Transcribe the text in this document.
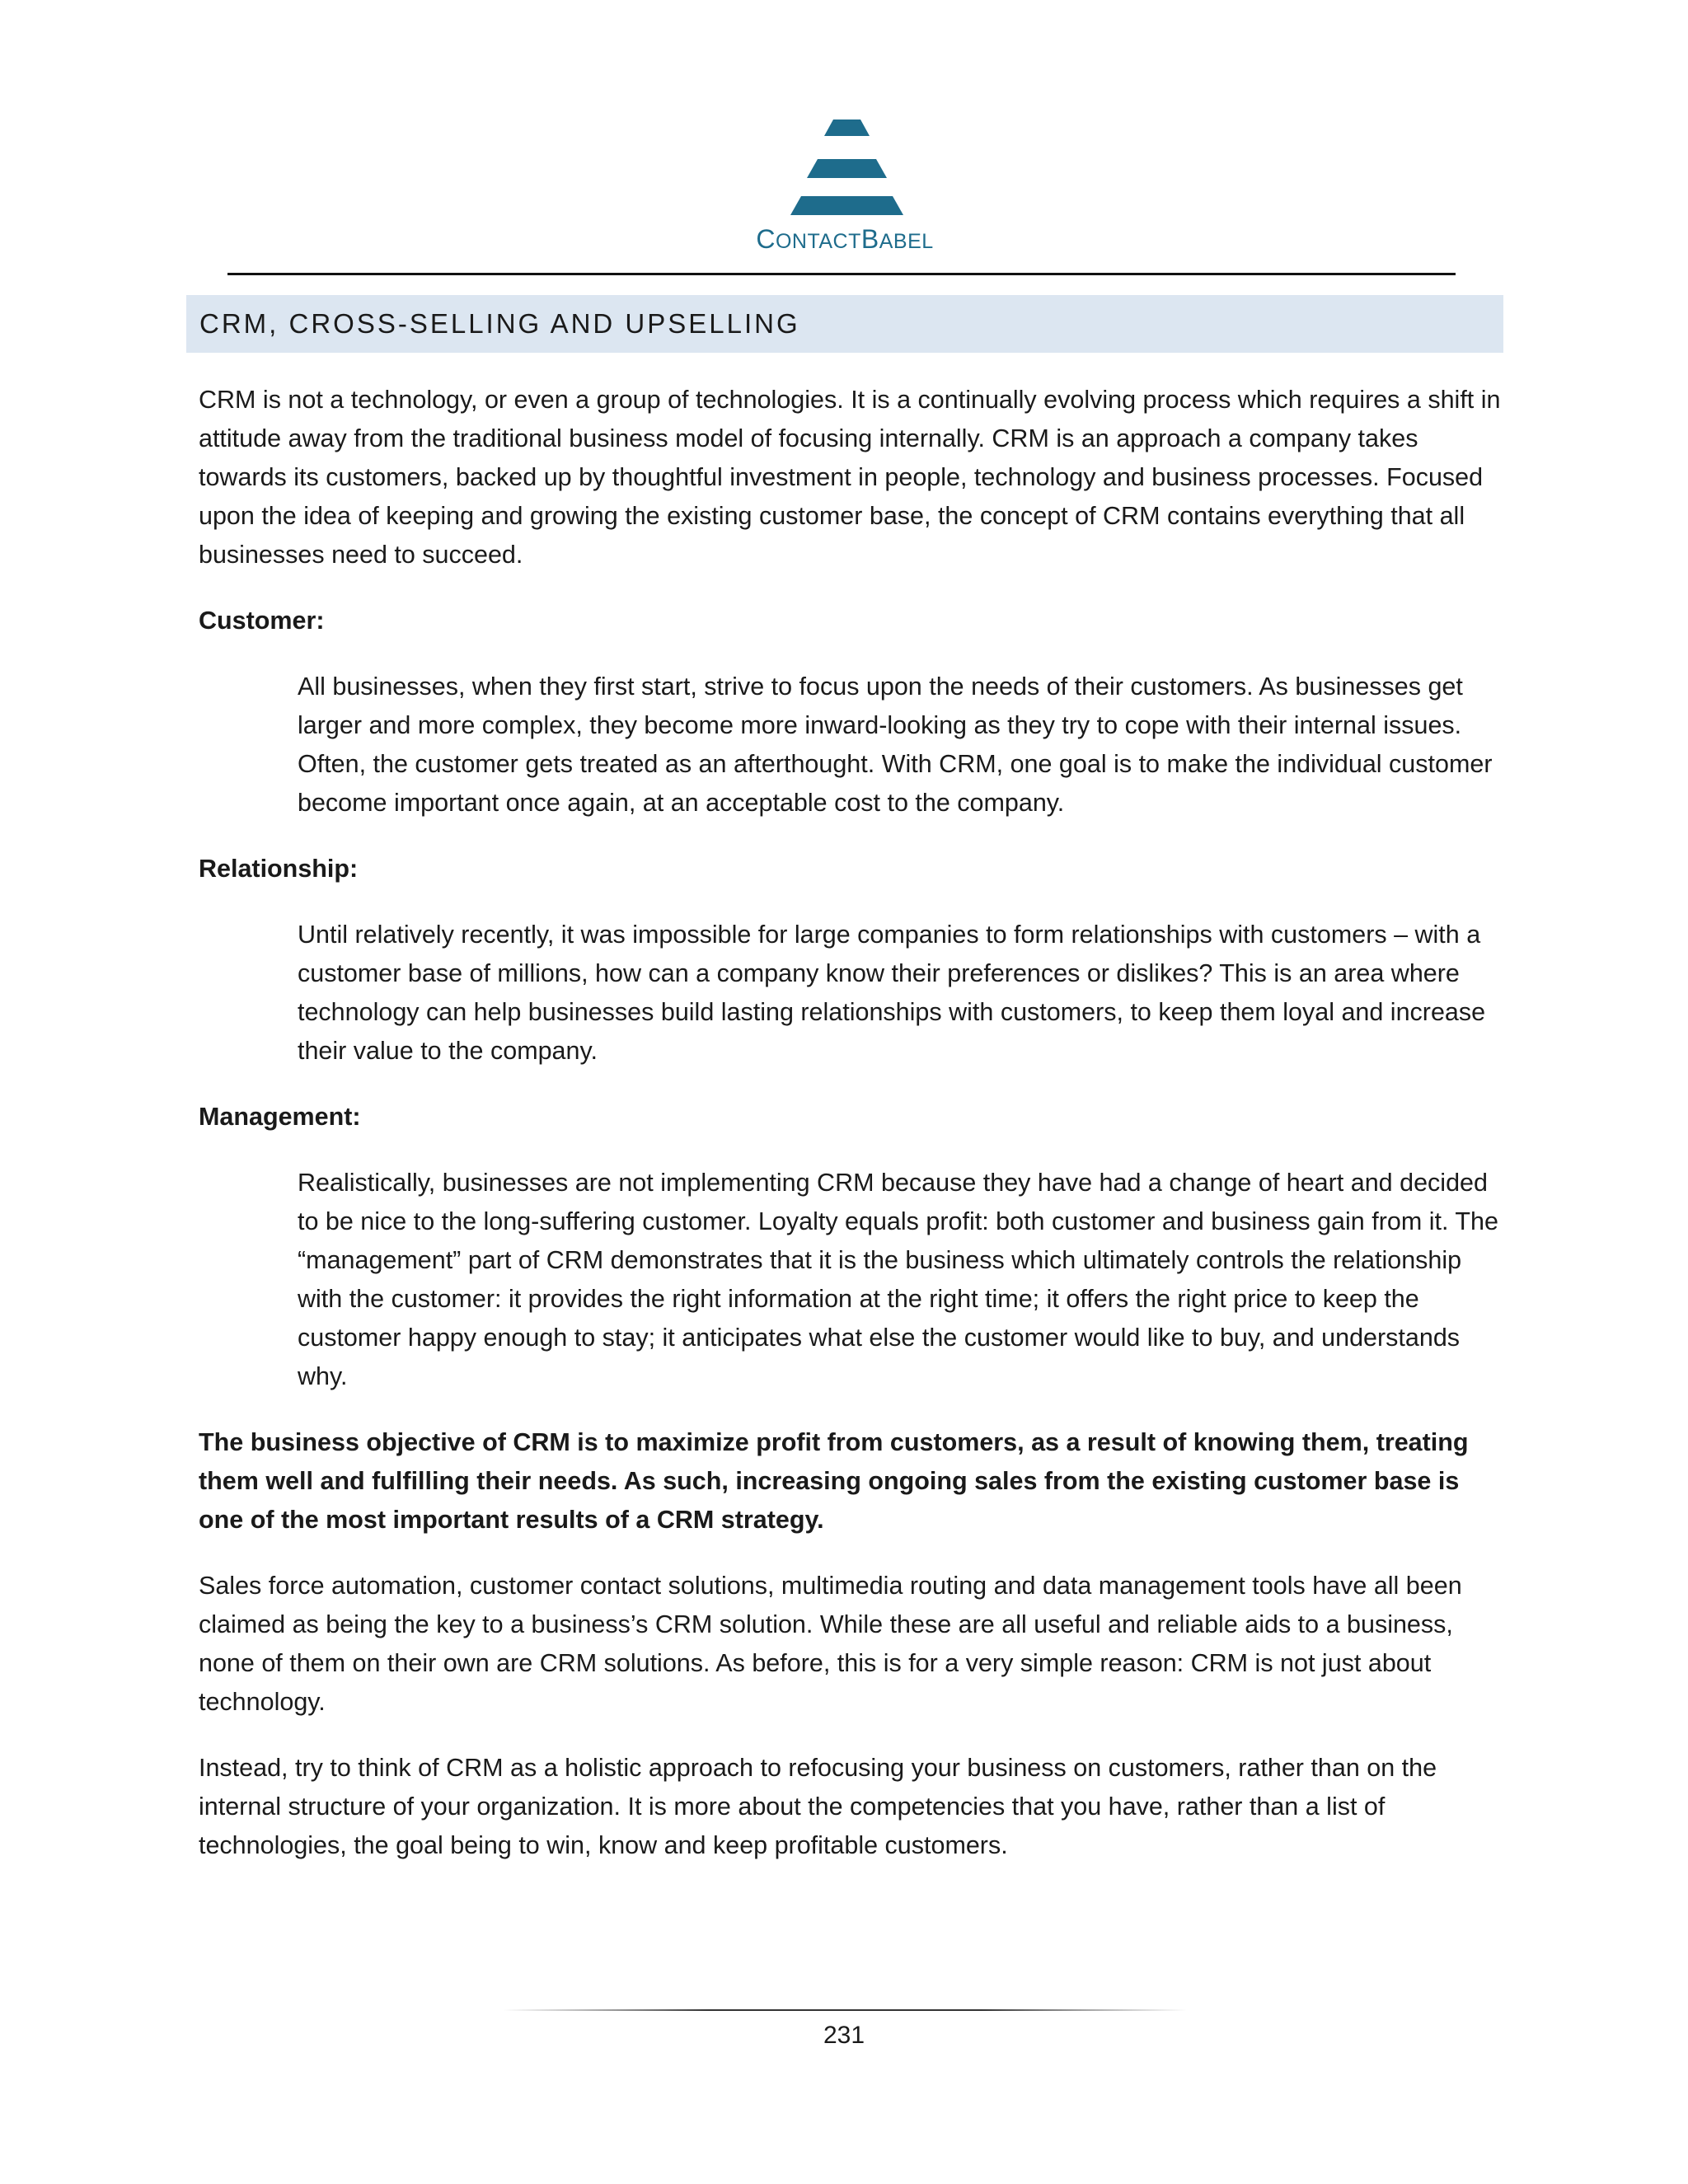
CONTACTBABEL
CRM, CROSS-SELLING AND UPSELLING

CRM is not a technology, or even a group of technologies. It is a continually evolving process which requires a shift in attitude away from the traditional business model of focusing internally. CRM is an approach a company takes towards its customers, backed up by thoughtful investment in people, technology and business processes. Focused upon the idea of keeping and growing the existing customer base, the concept of CRM contains everything that all businesses need to succeed.

Customer:

All businesses, when they first start, strive to focus upon the needs of their customers. As businesses get larger and more complex, they become more inward-looking as they try to cope with their internal issues. Often, the customer gets treated as an afterthought. With CRM, one goal is to make the individual customer become important once again, at an acceptable cost to the company.

Relationship:

Until relatively recently, it was impossible for large companies to form relationships with customers – with a customer base of millions, how can a company know their preferences or dislikes? This is an area where technology can help businesses build lasting relationships with customers, to keep them loyal and increase their value to the company.

Management:

Realistically, businesses are not implementing CRM because they have had a change of heart and decided to be nice to the long-suffering customer. Loyalty equals profit: both customer and business gain from it. The “management” part of CRM demonstrates that it is the business which ultimately controls the relationship with the customer: it provides the right information at the right time; it offers the right price to keep the customer happy enough to stay; it anticipates what else the customer would like to buy, and understands why.

The business objective of CRM is to maximize profit from customers, as a result of knowing them, treating them well and fulfilling their needs. As such, increasing ongoing sales from the existing customer base is one of the most important results of a CRM strategy.

Sales force automation, customer contact solutions, multimedia routing and data management tools have all been claimed as being the key to a business’s CRM solution. While these are all useful and reliable aids to a business, none of them on their own are CRM solutions. As before, this is for a very simple reason: CRM is not just about technology.

Instead, try to think of CRM as a holistic approach to refocusing your business on customers, rather than on the internal structure of your organization. It is more about the competencies that you have, rather than a list of technologies, the goal being to win, know and keep profitable customers.

231
